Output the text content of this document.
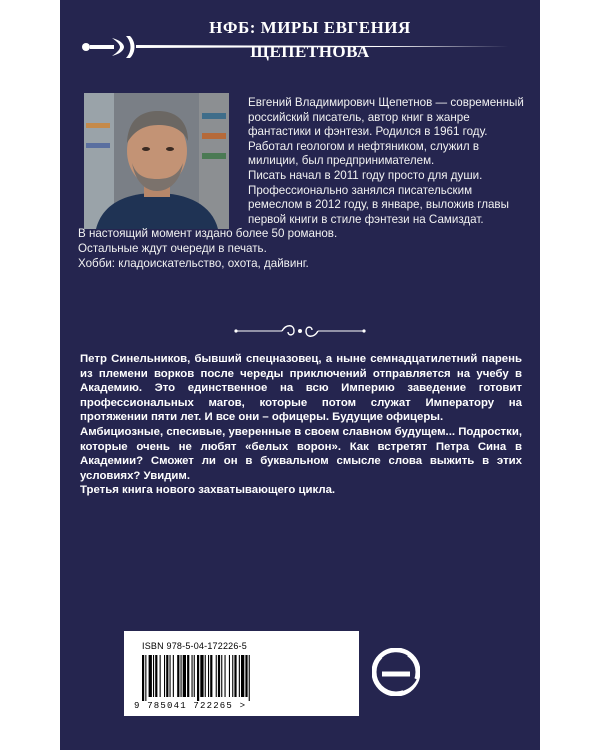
НФБ: МИРЫ ЕВГЕНИЯ ЩЕПЕТНОВА

Евгений Владимирович Щепетнов — современный российский писатель, автор книг в жанре фантастики и фэнтези. Родился в 1961 году. Работал геологом и нефтяником, служил в милиции, был предпринимателем.

Писать начал в 2011 году просто для души.

Профессионально занялся писательским ремеслом в 2012 году, в январе, выложив главы первой книги в стиле фэнтези на Самиздат.

В настоящий момент издано более 50 романов.

Остальные ждут очереди в печать.

Хобби: кладоискательство, охота, дайвинг.

Петр Синельников, бывший спецназовец, а ныне семнадцатилетний парень из племени ворков после череды приключений отправляется на учебу в Академию. Это единственное на всю Империю заведение готовит профессиональных магов, которые потом служат Императору на протяжении пяти лет. И все они – офицеры. Будущие офицеры.

Амбициозные, спесивые, уверенные в своем славном будущем... Подростки, которые очень не любят «белых ворон». Как встретят Петра Сина в Академии? Сможет ли он в буквальном смысле слова выжить в этих условиях? Увидим.

Третья книга нового захватывающего цикла.

ISBN 978-5-04-172226-5
9 785041 722265 >
